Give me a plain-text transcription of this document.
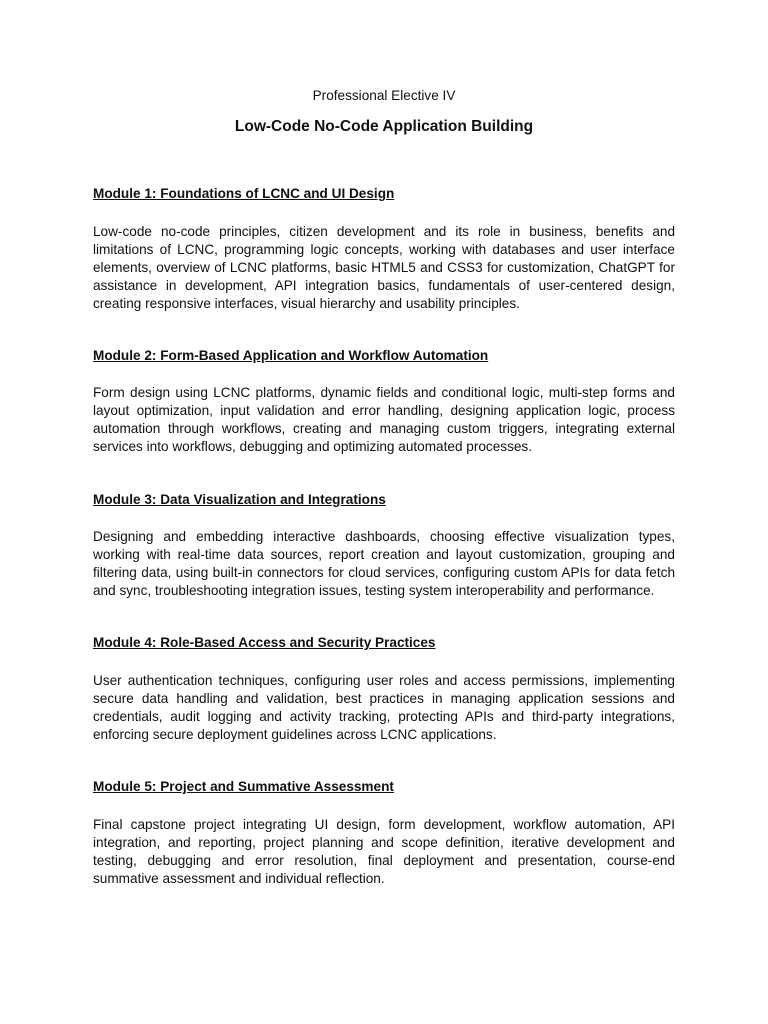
Professional Elective IV
Low-Code No-Code Application Building
Module 1: Foundations of LCNC and UI Design

Low-code no-code principles, citizen development and its role in business, benefits and limitations of LCNC, programming logic concepts, working with databases and user interface elements, overview of LCNC platforms, basic HTML5 and CSS3 for customization, ChatGPT for assistance in development, API integration basics, fundamentals of user-centered design, creating responsive interfaces, visual hierarchy and usability principles.

Module 2: Form-Based Application and Workflow Automation

Form design using LCNC platforms, dynamic fields and conditional logic, multi-step forms and layout optimization, input validation and error handling, designing application logic, process automation through workflows, creating and managing custom triggers, integrating external services into workflows, debugging and optimizing automated processes.

Module 3: Data Visualization and Integrations

Designing and embedding interactive dashboards, choosing effective visualization types, working with real-time data sources, report creation and layout customization, grouping and filtering data, using built-in connectors for cloud services, configuring custom APIs for data fetch and sync, troubleshooting integration issues, testing system interoperability and performance.

Module 4: Role-Based Access and Security Practices

User authentication techniques, configuring user roles and access permissions, implementing secure data handling and validation, best practices in managing application sessions and credentials, audit logging and activity tracking, protecting APIs and third-party integrations, enforcing secure deployment guidelines across LCNC applications.

Module 5: Project and Summative Assessment

Final capstone project integrating UI design, form development, workflow automation, API integration, and reporting, project planning and scope definition, iterative development and testing, debugging and error resolution, final deployment and presentation, course-end summative assessment and individual reflection.
